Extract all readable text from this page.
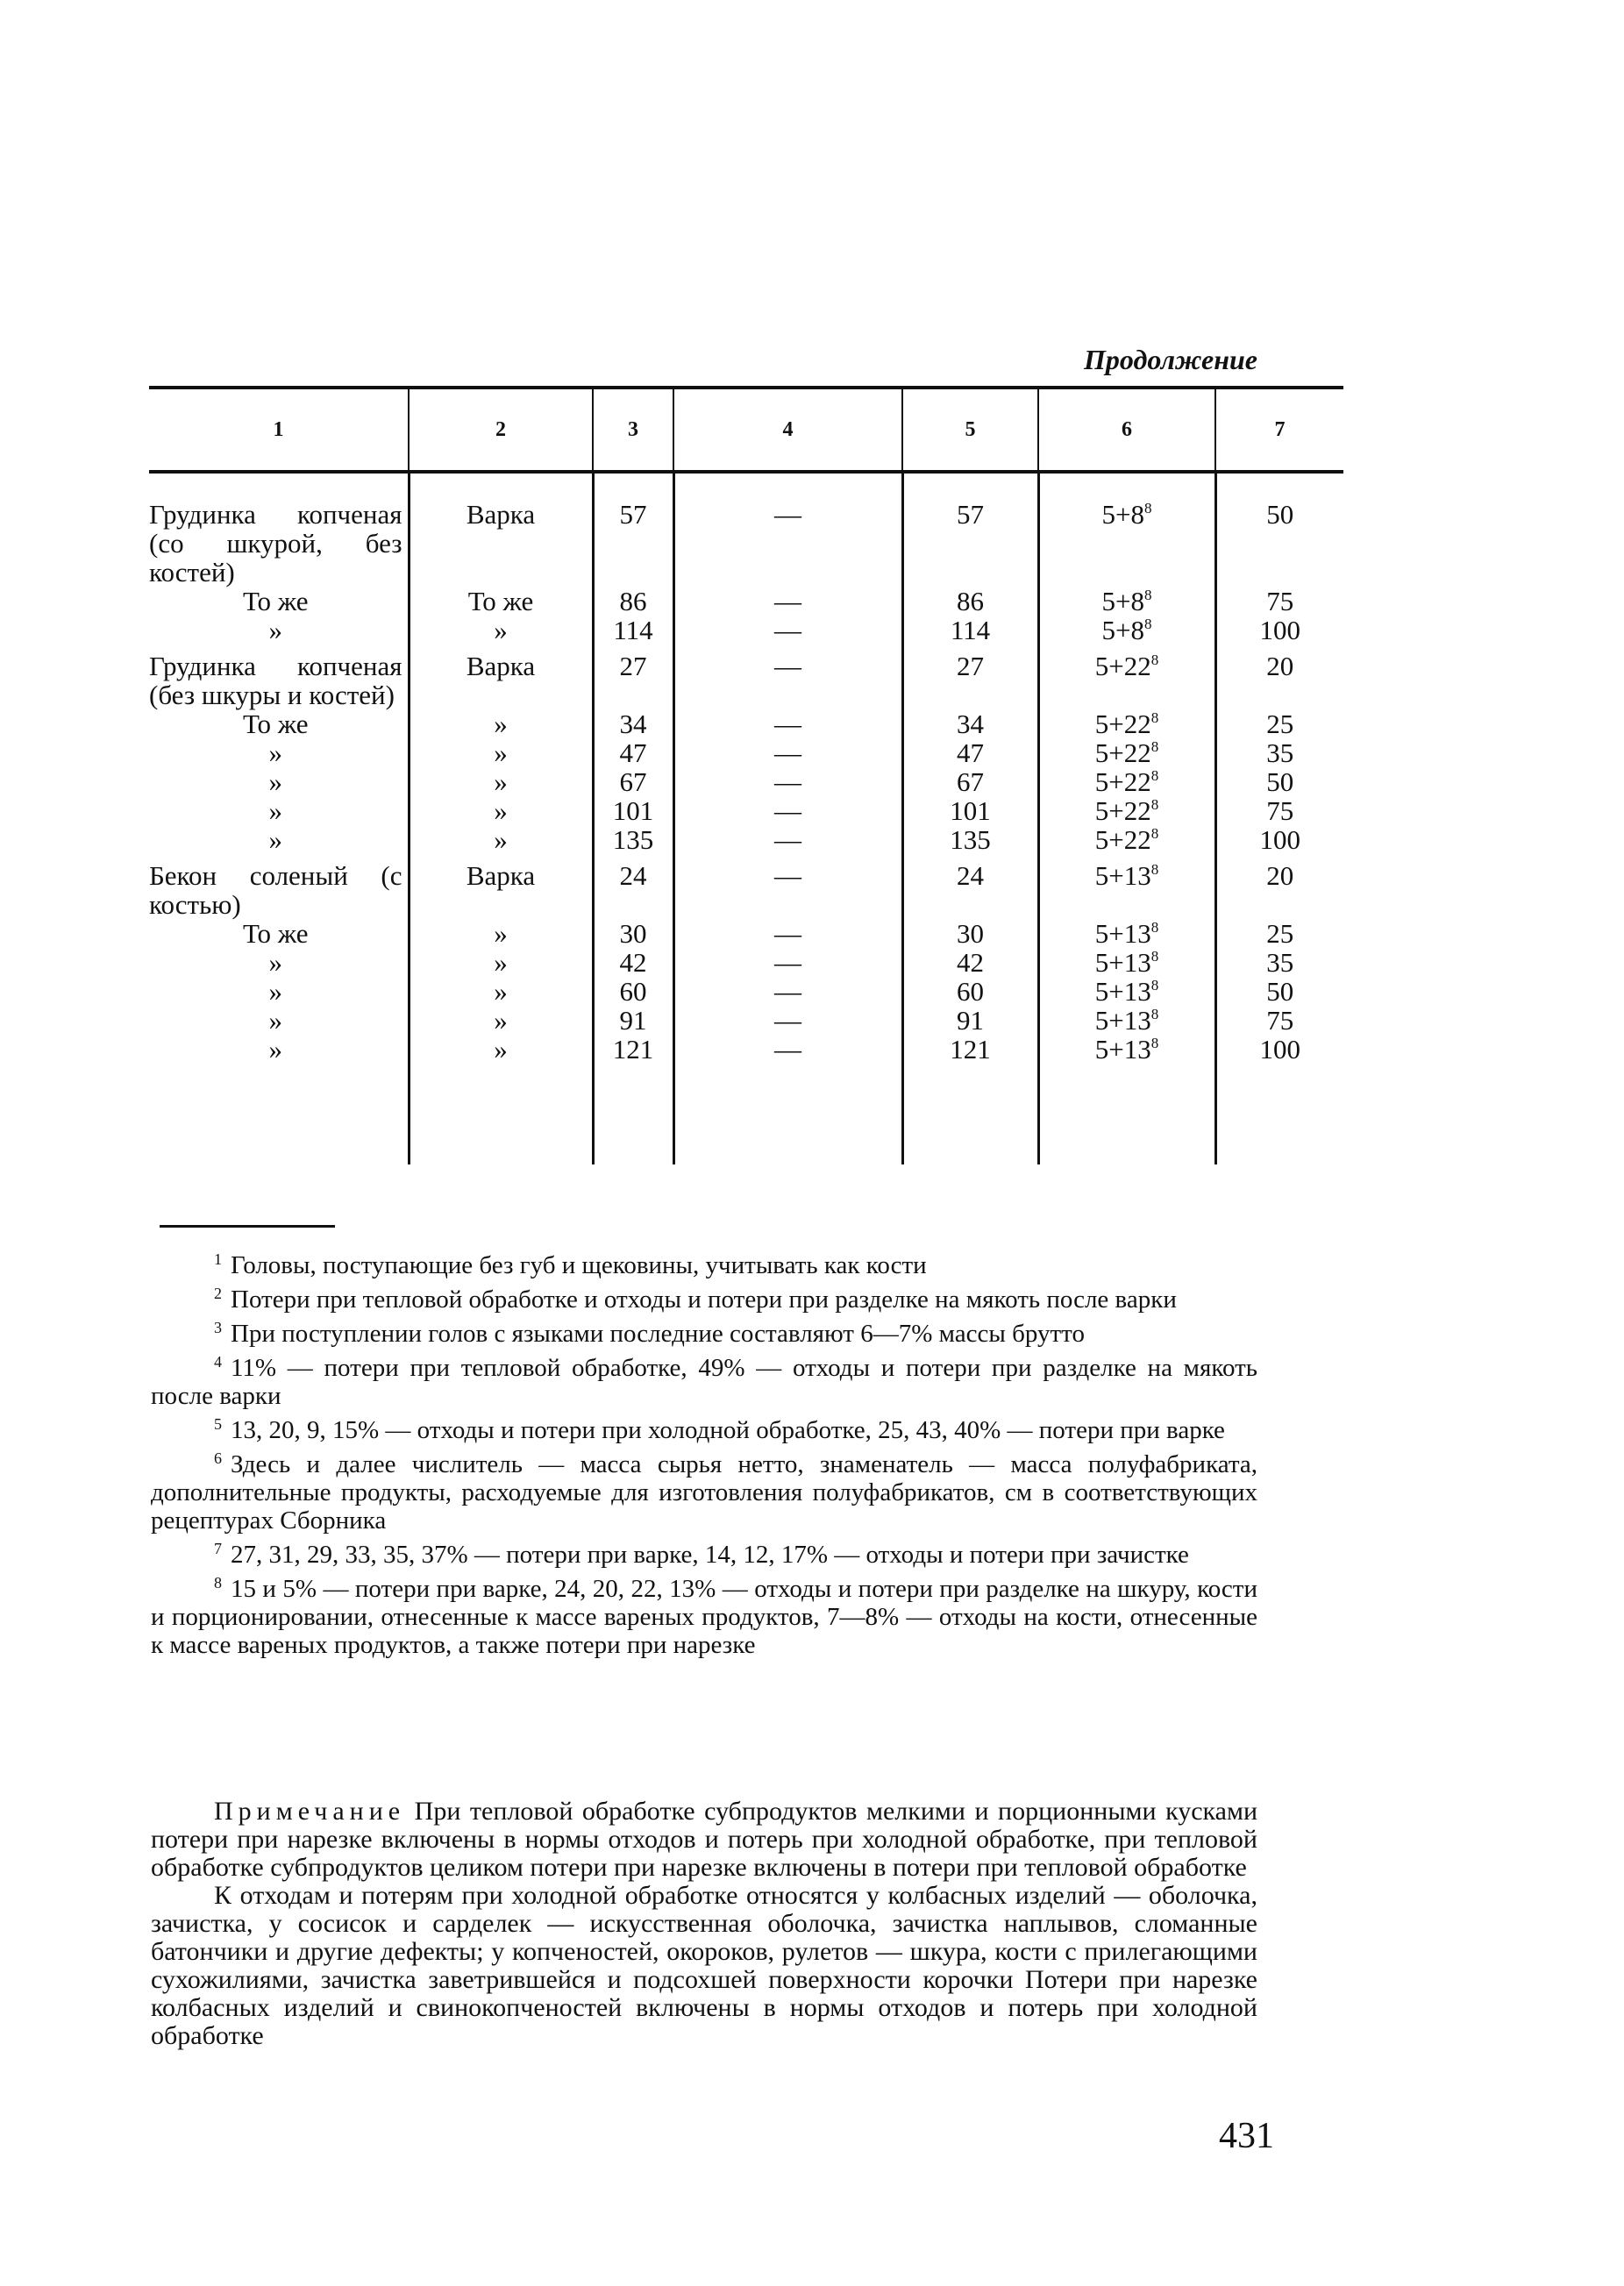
Продолжение
1	2	3	4	5	6	7
Грудинка копченая (со шкурой, без костей)	Варка	57	—	57	$5+8^8$	50
То же	То же	86	—	86	$5+8^8$	75
»	»	114	—	114	$5+8^8$	100
Грудинка копченая (без шкуры и костей)	Варка	27	—	27	$5+22^8$	20
То же	»	34	—	34	$5+22^8$	25
»	»	47	—	47	$5+22^8$	35
»	»	67	—	67	$5+22^8$	50
»	»	101	—	101	$5+22^8$	75
»	»	135	—	135	$5+22^8$	100
Бекон соленый (с костью)	Варка	24	—	24	$5+13^8$	20
То же	»	30	—	30	$5+13^8$	25
»	»	42	—	42	$5+13^8$	35
»	»	60	—	60	$5+13^8$	50
»	»	91	—	91	$5+13^8$	75
»	»	121	—	121	$5+13^8$	100

$^1$ Головы, поступающие без губ и щековины, учитывать как кости

$^2$ Потери при тепловой обработке и отходы и потери при разделке на мякоть после варки

$^3$ При поступлении голов с языками последние составляют 6—7% массы брутто

$^4$ 11% — потери при тепловой обработке, 49% — отходы и потери при разделке на мякоть после варки

$^5$ 13, 20, 9, 15% — отходы и потери при холодной обработке, 25, 43, 40% — потери при варке

$^6$ Здесь и далее числитель — масса сырья нетто, знаменатель — масса полуфабриката, дополнительные продукты, расходуемые для изготовления полуфабрикатов, см в соответствующих рецептурах Сборника

$^7$ 27, 31, 29, 33, 35, 37% — потери при варке, 14, 12, 17% — отходы и потери при зачистке

$^8$ 15 и 5% — потери при варке, 24, 20, 22, 13% — отходы и потери при разделке на шкуру, кости и порционировании, отнесенные к массе вареных продуктов, 7—8% — отходы на кости, отнесенные к массе вареных продуктов, а также потери при нарезке

Примечание При тепловой обработке субпродуктов мелкими и порционными кусками потери при нарезке включены в нормы отходов и потерь при холодной обработке, при тепловой обработке субпродуктов целиком потери при нарезке включены в потери при тепловой обработке

К отходам и потерям при холодной обработке относятся у колбасных изделий — оболочка, зачистка, у сосисок и сарделек — искусственная оболочка, зачистка наплывов, сломанные батончики и другие дефекты; у копченостей, окороков, рулетов — шкура, кости с прилегающими сухожилиями, зачистка заветрившейся и подсохшей поверхности корочки Потери при нарезке колбасных изделий и свинокопченостей включены в нормы отходов и потерь при холодной обработке

431
